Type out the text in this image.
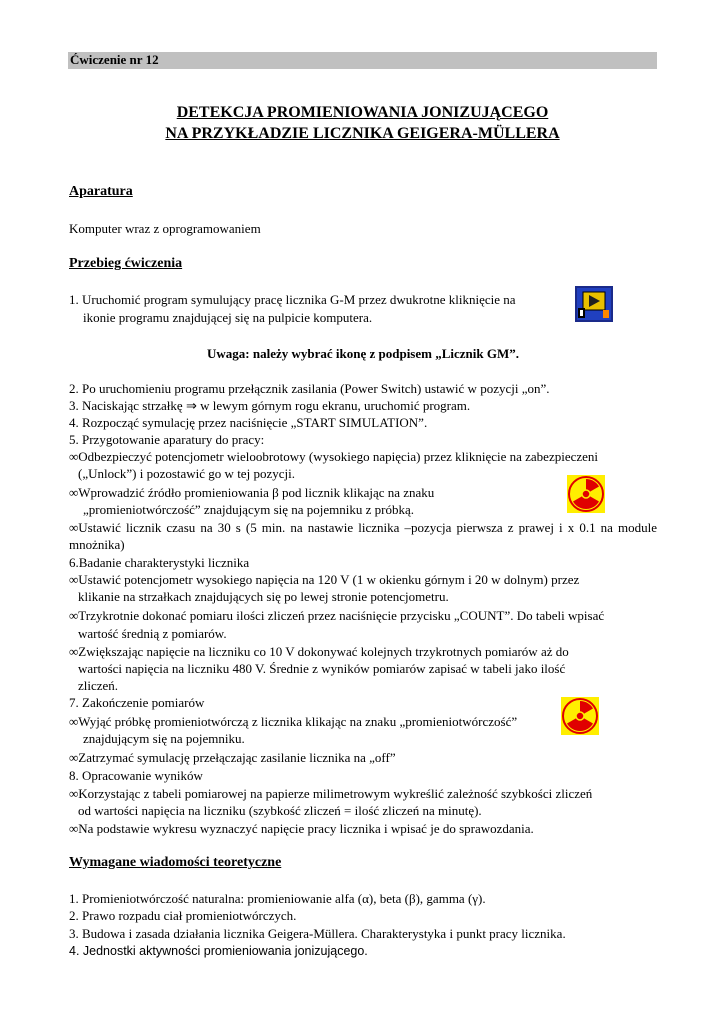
Ćwiczenie nr 12
DETEKCJA PROMIENIOWANIA JONIZUJĄCEGO
NA PRZYKŁADZIE LICZNIKA GEIGERA-MÜLLERA
Aparatura
Komputer wraz z oprogramowaniem
Przebieg ćwiczenia
1. Uruchomić program symulujący pracę licznika G-M przez dwukrotne kliknięcie na
ikonie programu znajdującej się na pulpicie komputera.
Uwaga: należy wybrać ikonę z podpisem „Licznik GM”.
2. Po uruchomieniu programu przełącznik zasilania (Power Switch) ustawić w pozycji „on”.
3. Naciskając strzałkę ⇒ w lewym górnym rogu ekranu, uruchomić program.
4. Rozpocząć symulację przez naciśnięcie „START SIMULATION”.
5. Przygotowanie aparatury do pracy:
∞Odbezpieczyć potencjometr wieloobrotowy (wysokiego napięcia) przez kliknięcie na zabezpieczeni
(„Unlock”) i pozostawić go w tej pozycji.
∞Wprowadzić źródło promieniowania β pod licznik klikając na znaku
„promieniotwórczość” znajdującym się na pojemniku z próbką.
∞Ustawić licznik czasu na 30 s (5 min. na nastawie licznika –pozycja pierwsza z prawej i x 0.1 na module
mnożnika)
6.Badanie charakterystyki licznika
∞Ustawić potencjometr wysokiego napięcia na 120 V (1 w okienku górnym i 20 w dolnym) przez
klikanie na strzałkach znajdujących się po lewej stronie potencjometru.
∞Trzykrotnie dokonać pomiaru ilości zliczeń przez naciśnięcie przycisku „COUNT”. Do tabeli wpisać
wartość średnią z pomiarów.
∞Zwiększając napięcie na liczniku co 10 V dokonywać kolejnych trzykrotnych pomiarów aż do
wartości napięcia na liczniku 480 V. Średnie z wyników pomiarów zapisać w tabeli jako ilość
zliczeń.
7. Zakończenie pomiarów
∞Wyjąć próbkę promieniotwórczą z licznika klikając na znaku „promieniotwórczość”
znajdującym się na pojemniku.
∞Zatrzymać symulację przełączając zasilanie licznika na „off”
8. Opracowanie wyników
∞Korzystając z tabeli pomiarowej na papierze milimetrowym wykreślić zależność szybkości zliczeń
od wartości napięcia na liczniku (szybkość zliczeń = ilość zliczeń na minutę).
∞Na podstawie wykresu wyznaczyć napięcie pracy licznika i wpisać je do sprawozdania.
Wymagane wiadomości teoretyczne
1. Promieniotwórczość naturalna: promieniowanie alfa (α), beta (β), gamma (γ).
2. Prawo rozpadu ciał promieniotwórczych.
3. Budowa i zasada działania licznika Geigera-Müllera. Charakterystyka i punkt pracy licznika.
4. Jednostki aktywności promieniowania jonizującego.
